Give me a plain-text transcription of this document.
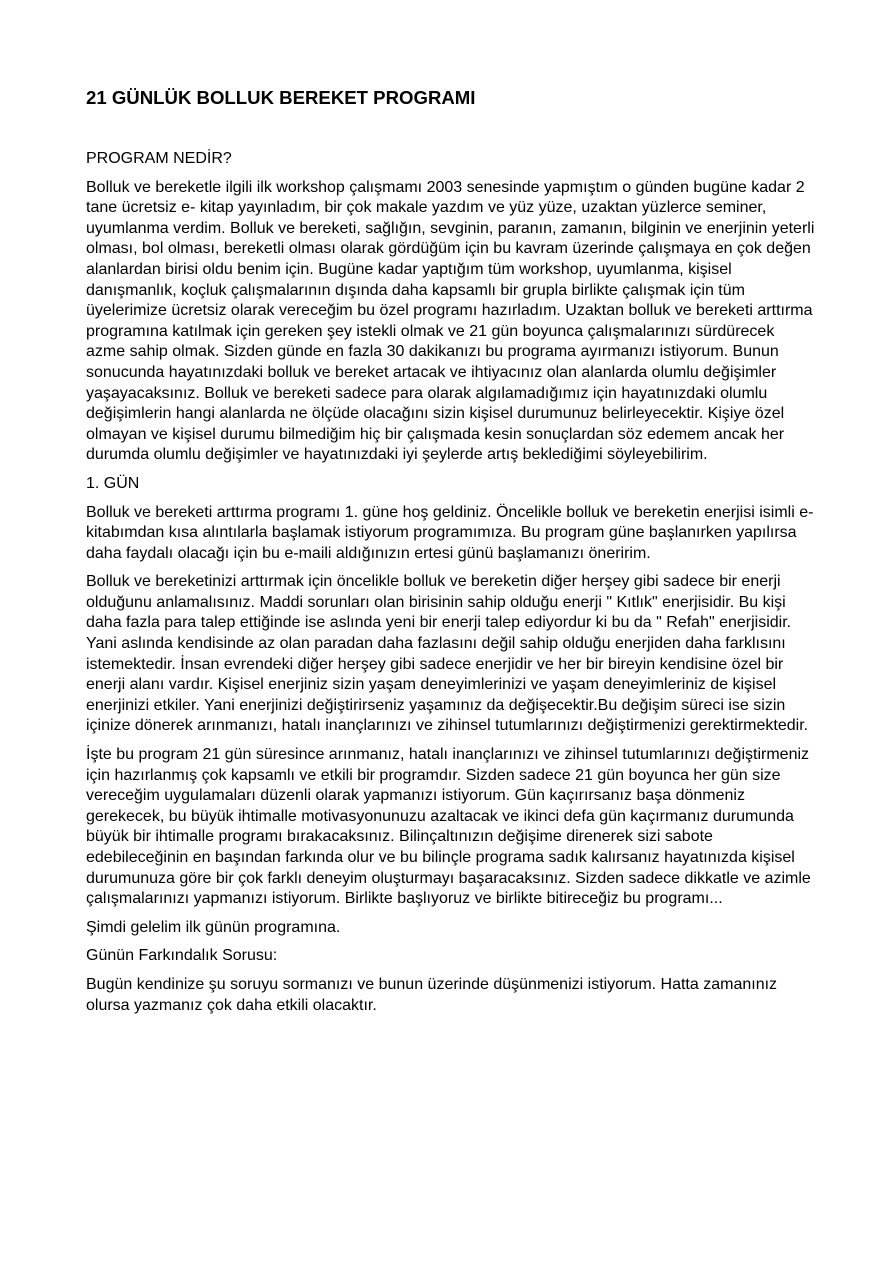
21 GÜNLÜK BOLLUK BEREKET PROGRAMI
PROGRAM NEDİR?

Bolluk ve bereketle ilgili ilk workshop çalışmamı 2003 senesinde yapmıştım o günden bugüne kadar 2 tane ücretsiz e- kitap yayınladım, bir çok makale yazdım ve yüz yüze, uzaktan yüzlerce seminer, uyumlanma verdim. Bolluk ve bereketi, sağlığın, sevginin, paranın, zamanın, bilginin ve enerjinin yeterli olması, bol olması, bereketli olması olarak gördüğüm için bu kavram üzerinde çalışmaya en çok değen alanlardan birisi oldu benim için. Bugüne kadar yaptığım tüm workshop, uyumlanma, kişisel danışmanlık, koçluk çalışmalarının dışında daha kapsamlı bir grupla birlikte çalışmak için tüm üyelerimize ücretsiz olarak vereceğim bu özel programı hazırladım. Uzaktan bolluk ve bereketi arttırma programına katılmak için gereken şey istekli olmak ve 21 gün boyunca çalışmalarınızı sürdürecek azme sahip olmak. Sizden günde en fazla 30 dakikanızı bu programa ayırmanızı istiyorum. Bunun sonucunda hayatınızdaki bolluk ve bereket artacak ve ihtiyacınız olan alanlarda olumlu değişimler yaşayacaksınız. Bolluk ve bereketi sadece para olarak algılamadığımız için hayatınızdaki olumlu değişimlerin hangi alanlarda ne ölçüde olacağını sizin kişisel durumunuz belirleyecektir. Kişiye özel olmayan ve kişisel durumu bilmediğim hiç bir çalışmada kesin sonuçlardan söz edemem ancak her durumda olumlu değişimler ve hayatınızdaki iyi şeylerde artış beklediğimi söyleyebilirim.

1. GÜN

Bolluk ve bereketi arttırma programı 1. güne hoş geldiniz. Öncelikle bolluk ve bereketin enerjisi isimli e-kitabımdan kısa alıntılarla başlamak istiyorum programımıza. Bu program güne başlanırken yapılırsa daha faydalı olacağı için bu e-maili aldığınızın ertesi günü başlamanızı öneririm.

Bolluk ve bereketinizi arttırmak için öncelikle bolluk ve bereketin diğer herşey gibi sadece bir enerji olduğunu anlamalısınız. Maddi sorunları olan birisinin sahip olduğu enerji " Kıtlık" enerjisidir. Bu kişi daha fazla para talep ettiğinde ise aslında yeni bir enerji talep ediyordur ki bu da " Refah" enerjisidir. Yani aslında kendisinde az olan paradan daha fazlasını değil sahip olduğu enerjiden daha farklısını istemektedir. İnsan evrendeki diğer herşey gibi sadece enerjidir ve her bir bireyin kendisine özel bir enerji alanı vardır. Kişisel enerjiniz sizin yaşam deneyimlerinizi ve yaşam deneyimleriniz de kişisel enerjinizi etkiler. Yani enerjinizi değiştirirseniz yaşamınız da değişecektir.Bu değişim süreci ise sizin içinize dönerek arınmanızı, hatalı inançlarınızı ve zihinsel tutumlarınızı değiştirmenizi gerektirmektedir.

İşte bu program 21 gün süresince arınmanız, hatalı inançlarınızı ve zihinsel tutumlarınızı değiştirmeniz için hazırlanmış çok kapsamlı ve etkili bir programdır. Sizden sadece 21 gün boyunca her gün size vereceğim uygulamaları düzenli olarak yapmanızı istiyorum. Gün kaçırırsanız başa dönmeniz gerekecek, bu büyük ihtimalle motivasyonunuzu azaltacak ve ikinci defa gün kaçırmanız durumunda büyük bir ihtimalle programı bırakacaksınız. Bilinçaltınızın değişime direnerek sizi sabote edebileceğinin en başından farkında olur ve bu bilinçle programa sadık kalırsanız hayatınızda kişisel durumunuza göre bir çok farklı deneyim oluşturmayı başaracaksınız. Sizden sadece dikkatle ve azimle çalışmalarınızı yapmanızı istiyorum. Birlikte başlıyoruz ve birlikte bitireceğiz bu programı...

Şimdi gelelim ilk günün programına.

Günün Farkındalık Sorusu:

Bugün kendinize şu soruyu sormanızı ve bunun üzerinde düşünmenizi istiyorum. Hatta zamanınız olursa yazmanız çok daha etkili olacaktır.
